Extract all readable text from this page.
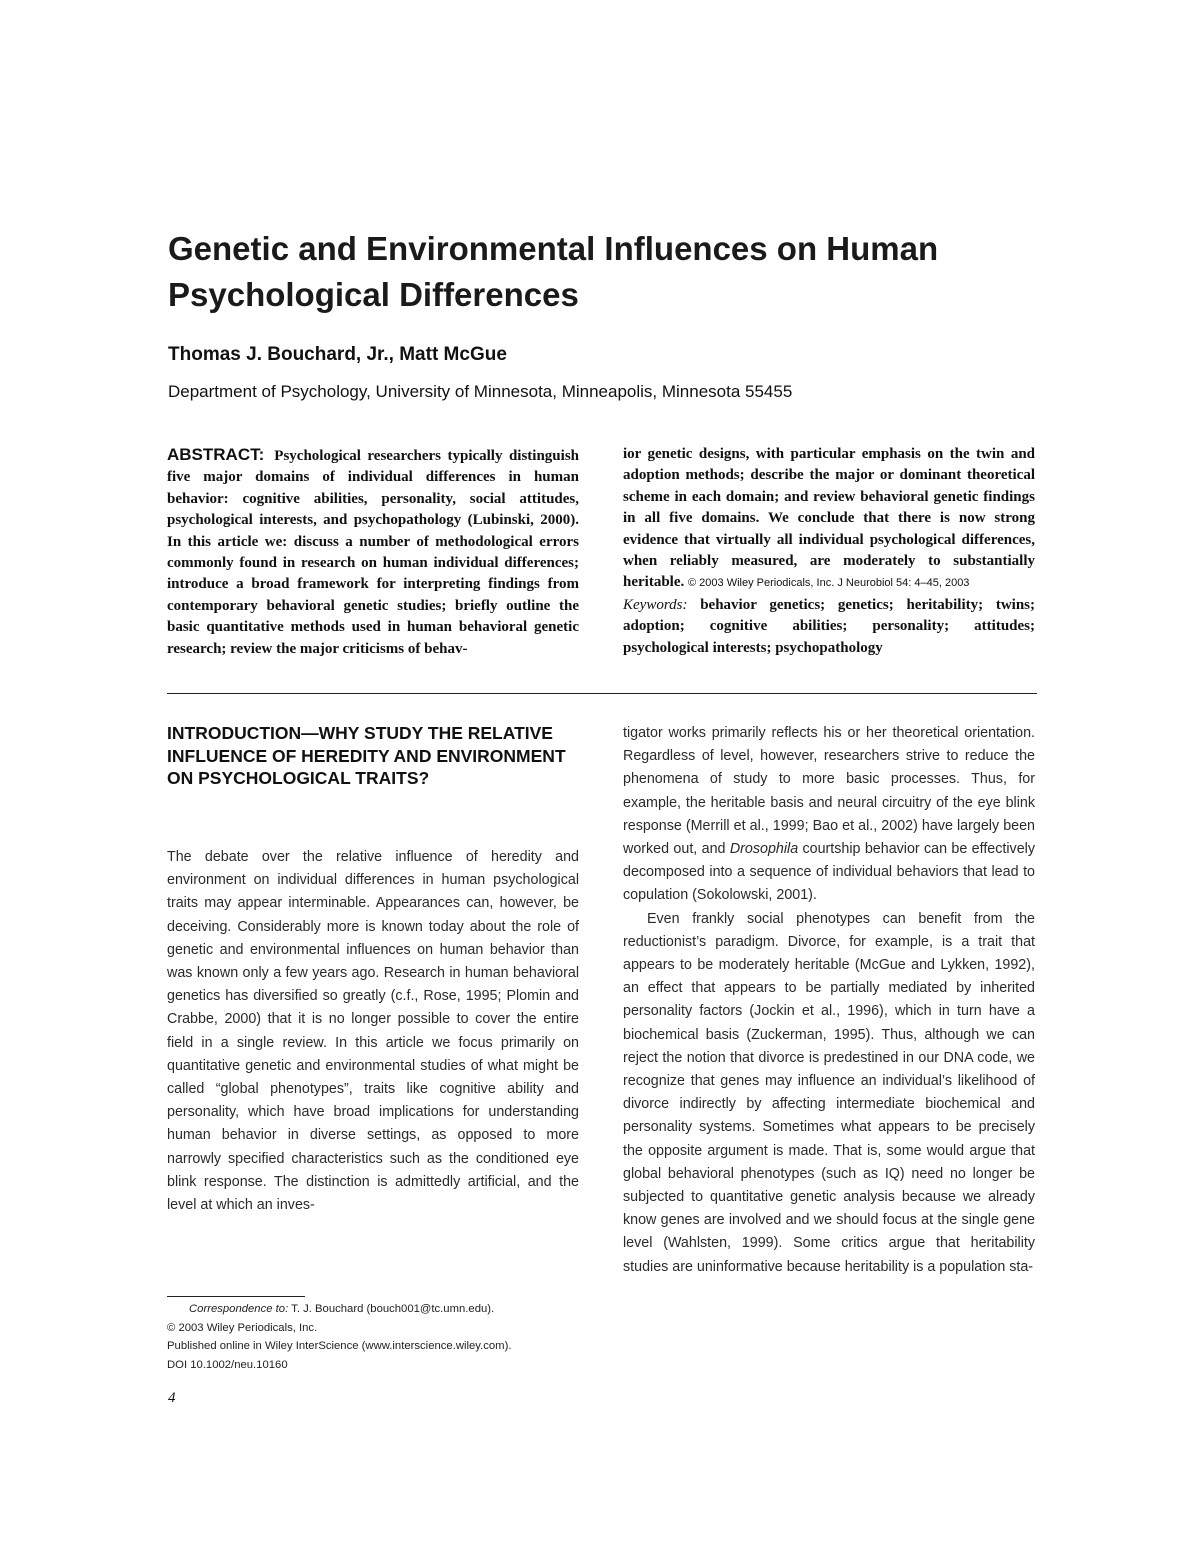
Genetic and Environmental Influences on Human Psychological Differences
Thomas J. Bouchard, Jr., Matt McGue
Department of Psychology, University of Minnesota, Minneapolis, Minnesota 55455
ABSTRACT: Psychological researchers typically distinguish five major domains of individual differences in human behavior: cognitive abilities, personality, social attitudes, psychological interests, and psychopathology (Lubinski, 2000). In this article we: discuss a number of methodological errors commonly found in research on human individual differences; introduce a broad framework for interpreting findings from contemporary behavioral genetic studies; briefly outline the basic quantitative methods used in human behavioral genetic research; review the major criticisms of behav-
ior genetic designs, with particular emphasis on the twin and adoption methods; describe the major or dominant theoretical scheme in each domain; and review behavioral genetic findings in all five domains. We conclude that there is now strong evidence that virtually all individual psychological differences, when reliably measured, are moderately to substantially heritable. © 2003 Wiley Periodicals, Inc. J Neurobiol 54: 4–45, 2003
Keywords: behavior genetics; genetics; heritability; twins; adoption; cognitive abilities; personality; attitudes; psychological interests; psychopathology
INTRODUCTION—WHY STUDY THE RELATIVE INFLUENCE OF HEREDITY AND ENVIRONMENT ON PSYCHOLOGICAL TRAITS?

The debate over the relative influence of heredity and environment on individual differences in human psychological traits may appear interminable. Appearances can, however, be deceiving. Considerably more is known today about the role of genetic and environmental influences on human behavior than was known only a few years ago. Research in human behavioral genetics has diversified so greatly (c.f., Rose, 1995; Plomin and Crabbe, 2000) that it is no longer possible to cover the entire field in a single review. In this article we focus primarily on quantitative genetic and environmental studies of what might be called “global phenotypes”, traits like cognitive ability and personality, which have broad implications for understanding human behavior in diverse settings, as opposed to more narrowly specified characteristics such as the conditioned eye blink response. The distinction is admittedly artificial, and the level at which an inves-

tigator works primarily reflects his or her theoretical orientation. Regardless of level, however, researchers strive to reduce the phenomena of study to more basic processes. Thus, for example, the heritable basis and neural circuitry of the eye blink response (Merrill et al., 1999; Bao et al., 2002) have largely been worked out, and Drosophila courtship behavior can be effectively decomposed into a sequence of individual behaviors that lead to copulation (Sokolowski, 2001).

Even frankly social phenotypes can benefit from the reductionist’s paradigm. Divorce, for example, is a trait that appears to be moderately heritable (McGue and Lykken, 1992), an effect that appears to be partially mediated by inherited personality factors (Jockin et al., 1996), which in turn have a biochemical basis (Zuckerman, 1995). Thus, although we can reject the notion that divorce is predestined in our DNA code, we recognize that genes may influence an individual’s likelihood of divorce indirectly by affecting intermediate biochemical and personality systems. Sometimes what appears to be precisely the opposite argument is made. That is, some would argue that global behavioral phenotypes (such as IQ) need no longer be subjected to quantitative genetic analysis because we already know genes are involved and we should focus at the single gene level (Wahlsten, 1999). Some critics argue that heritability studies are uninformative because heritability is a population sta-

Correspondence to: T. J. Bouchard (bouch001@tc.umn.edu).
© 2003 Wiley Periodicals, Inc.
Published online in Wiley InterScience (www.interscience.wiley.com).
DOI 10.1002/neu.10160
4
